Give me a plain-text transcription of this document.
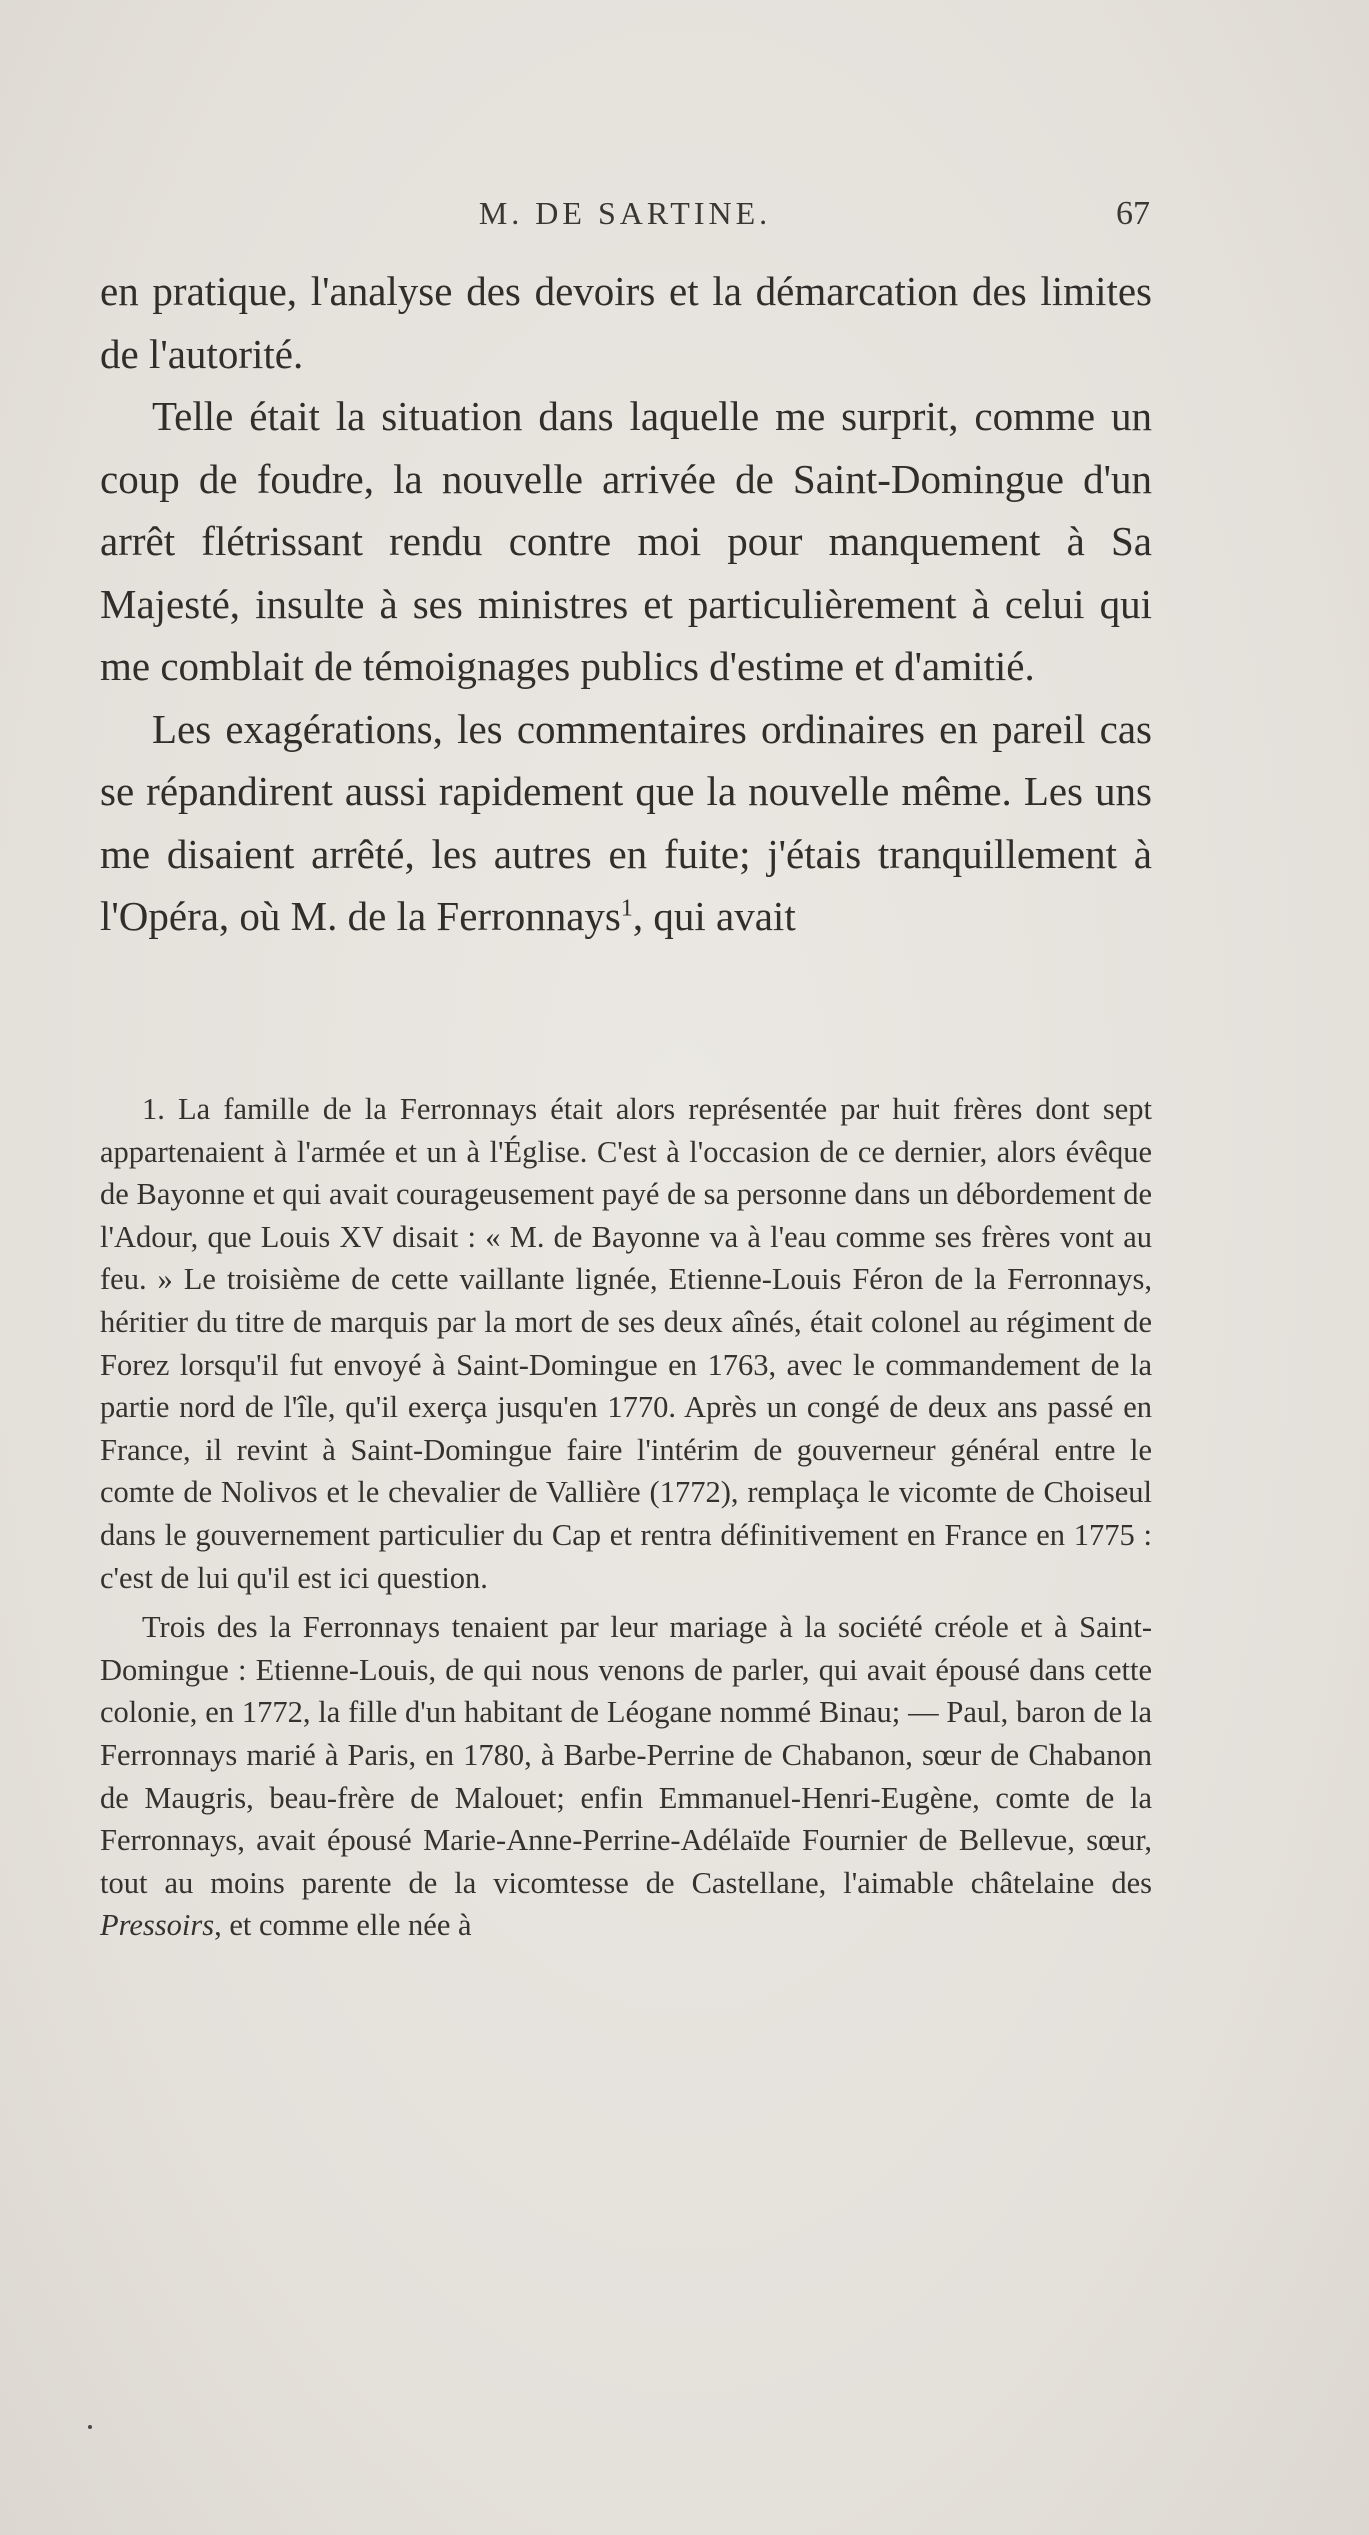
M. DE SARTINE.	67

en pratique, l'analyse des devoirs et la démarcation des limites de l'autorité.

Telle était la situation dans laquelle me surprit, comme un coup de foudre, la nouvelle arrivée de Saint-Domingue d'un arrêt flétrissant rendu contre moi pour manquement à Sa Majesté, insulte à ses ministres et particulièrement à celui qui me comblait de témoignages publics d'estime et d'amitié.

Les exagérations, les commentaires ordinaires en pareil cas se répandirent aussi rapidement que la nouvelle même. Les uns me disaient arrêté, les autres en fuite; j'étais tranquillement à l'Opéra, où M. de la Ferronnays$^1$, qui avait

1. La famille de la Ferronnays était alors représentée par huit frères dont sept appartenaient à l'armée et un à l'Église. C'est à l'occasion de ce dernier, alors évêque de Bayonne et qui avait courageusement payé de sa personne dans un débordement de l'Adour, que Louis XV disait : « M. de Bayonne va à l'eau comme ses frères vont au feu. » Le troisième de cette vaillante lignée, Etienne-Louis Féron de la Ferronnays, héritier du titre de marquis par la mort de ses deux aînés, était colonel au régiment de Forez lorsqu'il fut envoyé à Saint-Domingue en 1763, avec le commandement de la partie nord de l'île, qu'il exerça jusqu'en 1770. Après un congé de deux ans passé en France, il revint à Saint-Domingue faire l'intérim de gouverneur général entre le comte de Nolivos et le chevalier de Vallière (1772), remplaça le vicomte de Choiseul dans le gouvernement particulier du Cap et rentra définitivement en France en 1775 : c'est de lui qu'il est ici question.

Trois des la Ferronnays tenaient par leur mariage à la société créole et à Saint-Domingue : Etienne-Louis, de qui nous venons de parler, qui avait épousé dans cette colonie, en 1772, la fille d'un habitant de Léogane nommé Binau; — Paul, baron de la Ferronnays marié à Paris, en 1780, à Barbe-Perrine de Chabanon, sœur de Chabanon de Maugris, beau-frère de Malouet; enfin Emmanuel-Henri-Eugène, comte de la Ferronnays, avait épousé Marie-Anne-Perrine-Adélaïde Fournier de Bellevue, sœur, tout au moins parente de la vicomtesse de Castellane, l'aimable châtelaine des Pressoirs, et comme elle née à
